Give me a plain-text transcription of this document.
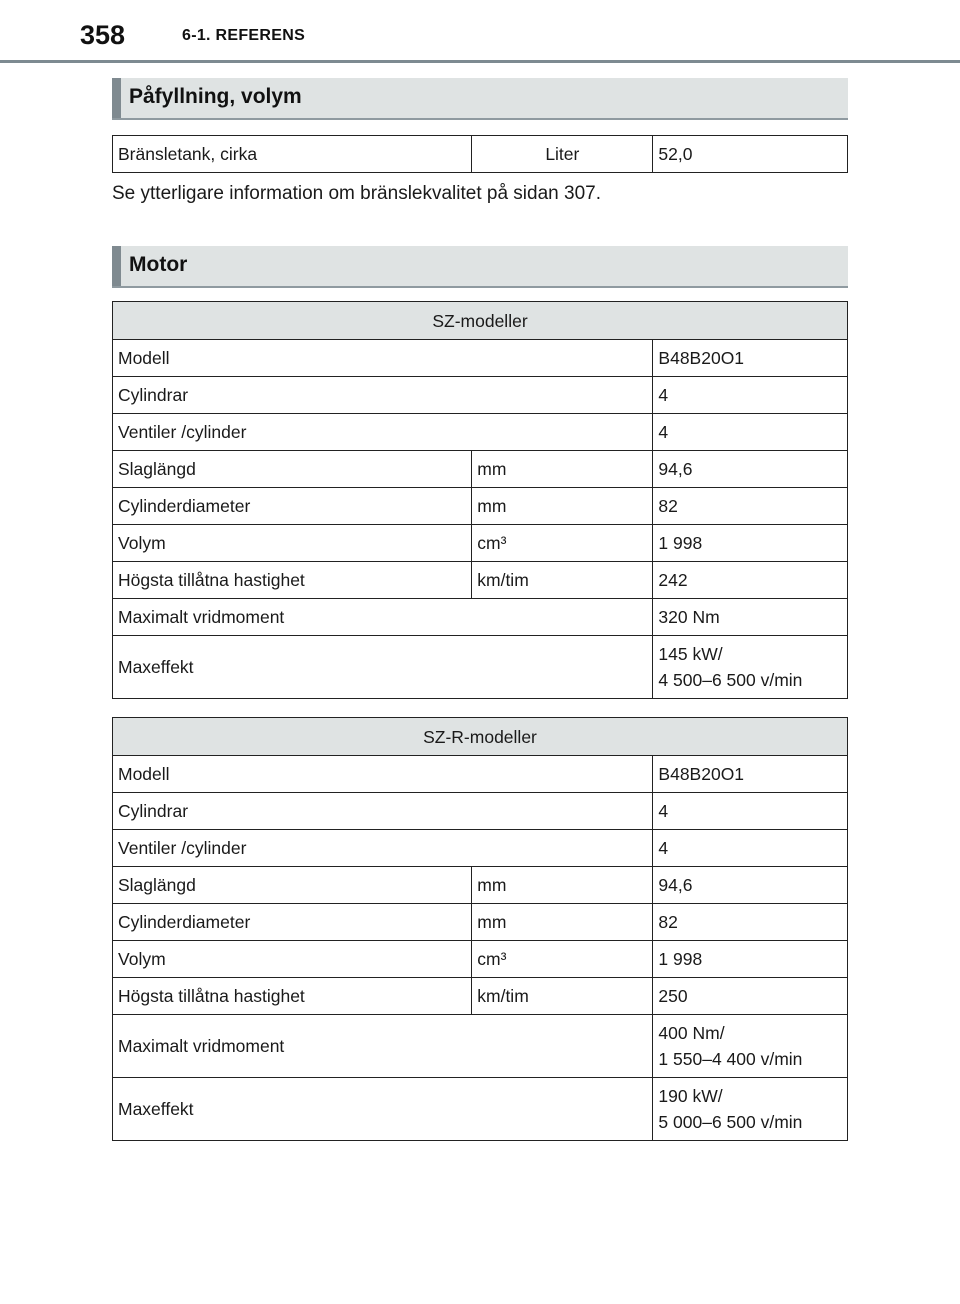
358	6-1. REFERENS
Påfyllning, volym
Bränsletank, cirka	Liter	52,0
Se ytterligare information om bränslekvalitet på sidan 307.
Motor
SZ-modeller		
Modell		B48B20O1
Cylindrar		4
Ventiler /cylinder		4
Slaglängd	mm	94,6
Cylinderdiameter	mm	82
Volym	cm³	1 998
Högsta tillåtna hastighet	km/tim	242
Maximalt vridmoment		320 Nm
Maxeffekt		145 kW/
4 500–6 500 v/min
SZ-R-modeller		
Modell		B48B20O1
Cylindrar		4
Ventiler /cylinder		4
Slaglängd	mm	94,6
Cylinderdiameter	mm	82
Volym	cm³	1 998
Högsta tillåtna hastighet	km/tim	250
Maximalt vridmoment		400 Nm/
1 550–4 400 v/min

Maxeffekt		190 kW/
5 000–6 500 v/min
